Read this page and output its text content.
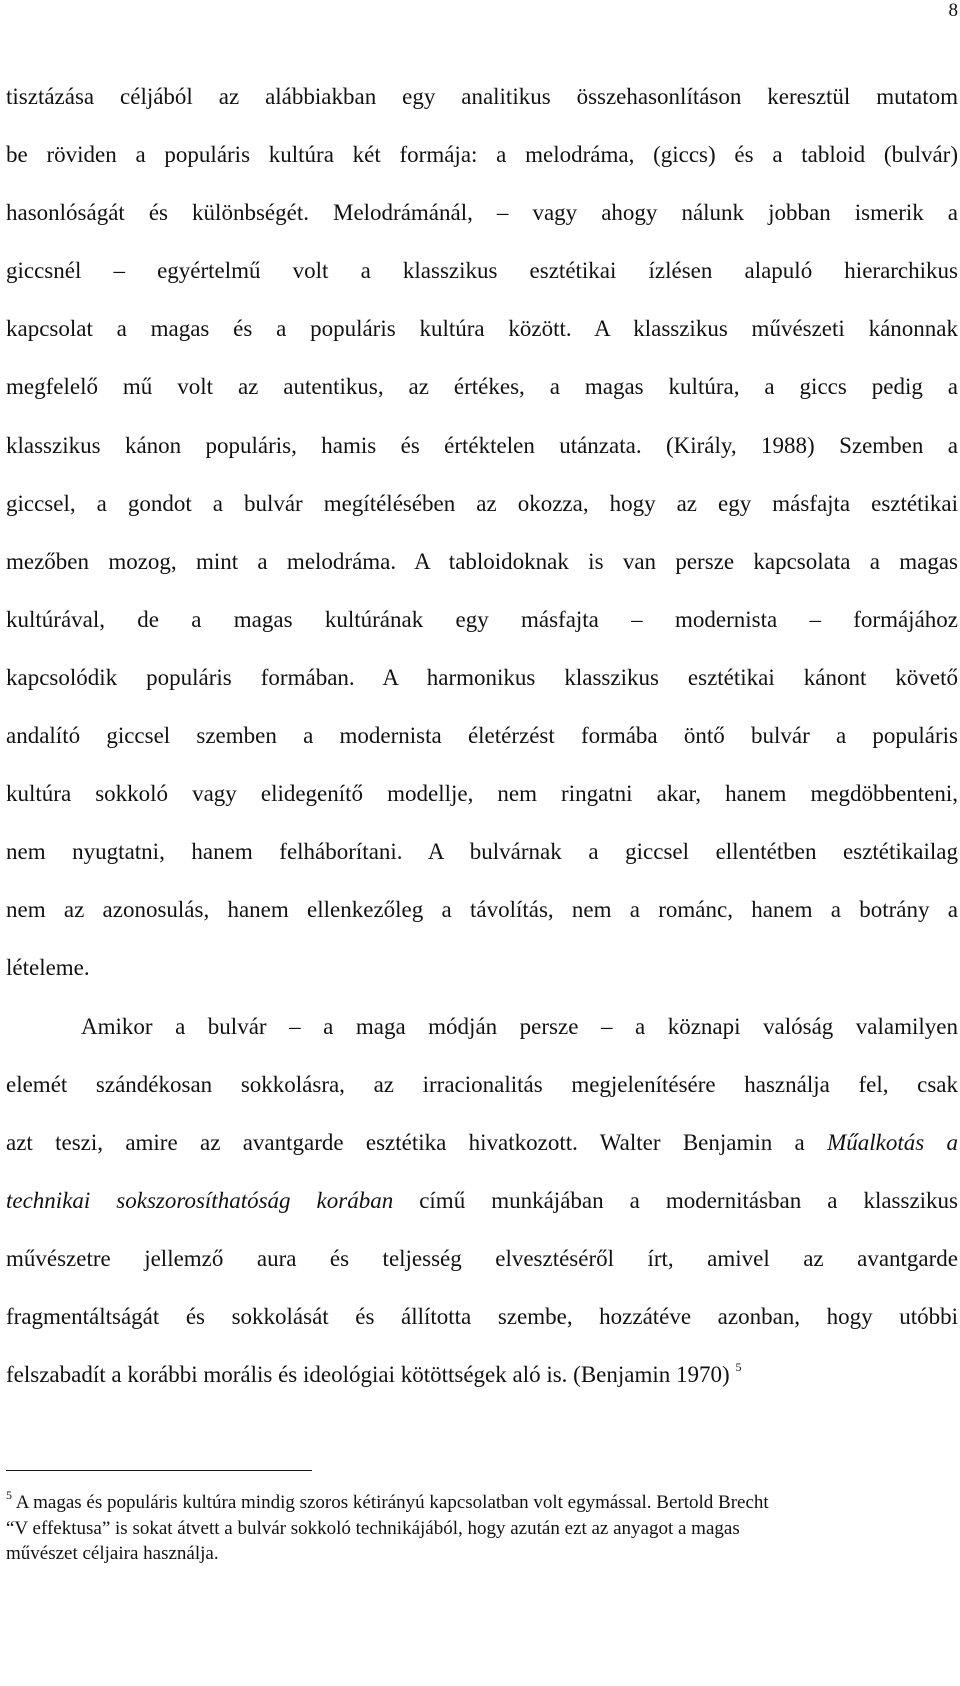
8
tisztázása céljából az alábbiakban egy analitikus összehasonlításon keresztül mutatom
be röviden a populáris kultúra két formája: a melodráma, (giccs) és a tabloid (bulvár)
hasonlóságát és különbségét. Melodrámánál, – vagy ahogy nálunk jobban ismerik a
giccsnél – egyértelmű volt a klasszikus esztétikai ízlésen alapuló hierarchikus
kapcsolat a magas és a populáris kultúra között. A klasszikus művészeti kánonnak
megfelelő mű volt az autentikus, az értékes, a magas kultúra, a giccs pedig a
klasszikus kánon populáris, hamis és értéktelen utánzata. (Király, 1988) Szemben a
giccsel, a gondot a bulvár megítélésében az okozza, hogy az egy másfajta esztétikai
mezőben mozog, mint a melodráma. A tabloidoknak is van persze kapcsolata a magas
kultúrával, de a magas kultúrának egy másfajta – modernista – formájához
kapcsolódik populáris formában. A harmonikus klasszikus esztétikai kánont követő
andalító giccsel szemben a modernista életérzést formába öntő bulvár a populáris
kultúra sokkoló vagy elidegenítő modellje, nem ringatni akar, hanem megdöbbenteni,
nem nyugtatni, hanem felháborítani. A bulvárnak a giccsel ellentétben esztétikailag
nem az azonosulás, hanem ellenkezőleg a távolítás, nem a románc, hanem a botrány a
lételeme.
Amikor a bulvár – a maga módján persze – a köznapi valóság valamilyen
elemét szándékosan sokkolásra, az irracionalitás megjelenítésére használja fel, csak
azt teszi, amire az avantgarde esztétika hivatkozott. Walter Benjamin a Műalkotás a
technikai sokszorosíthatóság korában című munkájában a modernitásban a klasszikus
művészetre jellemző aura és teljesség elvesztéséről írt, amivel az avantgarde
fragmentáltságát és sokkolását és állította szembe, hozzátéve azonban, hogy utóbbi
felszabadít a korábbi morális és ideológiai kötöttségek aló is. (Benjamin 1970) $^5$
$^5$ A magas és populáris kultúra mindig szoros kétirányú kapcsolatban volt egymással. Bertold Brecht
“V effektusa” is sokat átvett a bulvár sokkoló technikájából, hogy azután ezt az anyagot a magas
művészet céljaira használja.
